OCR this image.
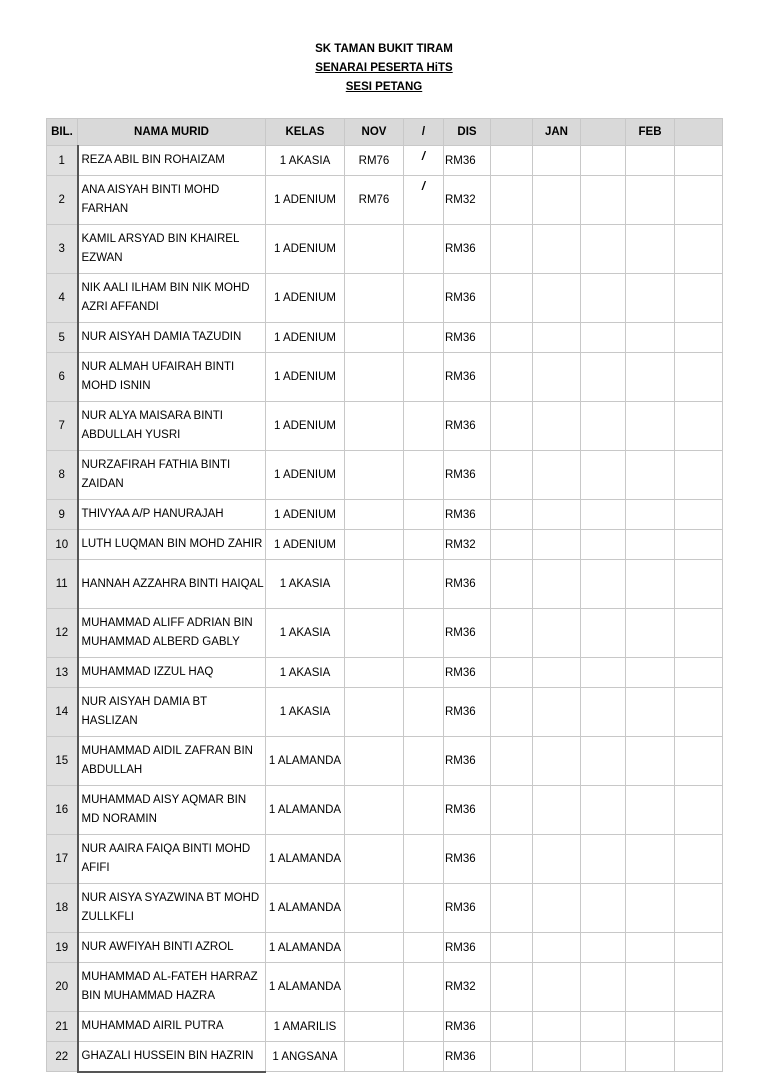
SK TAMAN BUKIT TIRAM
SENARAI PESERTA HiTS
SESI PETANG
BIL.	NAMA MURID	KELAS	NOV	/	DIS		JAN		FEB	
1	REZA ABIL BIN ROHAIZAM	1 AKASIA	RM76	/	RM36					
2	ANA AISYAH BINTI MOHD FARHAN	1 ADENIUM	RM76	/	RM32					
3	KAMIL ARSYAD BIN KHAIREL EZWAN	1 ADENIUM			RM36					
4	NIK AALI ILHAM BIN NIK MOHD AZRI AFFANDI	1 ADENIUM			RM36					
5	NUR AISYAH DAMIA TAZUDIN	1 ADENIUM			RM36					
6	NUR ALMAH UFAIRAH BINTI MOHD ISNIN	1 ADENIUM			RM36					
7	NUR ALYA MAISARA BINTI ABDULLAH YUSRI	1 ADENIUM			RM36					
8	NURZAFIRAH FATHIA BINTI ZAIDAN	1 ADENIUM			RM36					
9	THIVYAA A/P HANURAJAH	1 ADENIUM			RM36					
10	LUTH LUQMAN BIN MOHD ZAHIR	1 ADENIUM			RM32					
11	HANNAH AZZAHRA BINTI HAIQAL	1 AKASIA			RM36					
12	MUHAMMAD ALIFF ADRIAN BIN MUHAMMAD ALBERD GABLY	1 AKASIA			RM36					
13	MUHAMMAD IZZUL HAQ	1 AKASIA			RM36					
14	NUR AISYAH DAMIA BT HASLIZAN	1 AKASIA			RM36					
15	MUHAMMAD AIDIL ZAFRAN BIN ABDULLAH	1 ALAMANDA			RM36					
16	MUHAMMAD AISY AQMAR BIN MD NORAMIN	1 ALAMANDA			RM36					
17	NUR AAIRA FAIQA BINTI MOHD AFIFI	1 ALAMANDA			RM36					
18	NUR AISYA SYAZWINA BT MOHD ZULLKFLI	1 ALAMANDA			RM36					
19	NUR AWFIYAH BINTI AZROL	1 ALAMANDA			RM36					
20	MUHAMMAD AL-FATEH HARRAZ BIN MUHAMMAD HAZRA	1 ALAMANDA			RM32					
21	MUHAMMAD AIRIL PUTRA	1 AMARILIS			RM36					
22	GHAZALI HUSSEIN BIN HAZRIN	1 ANGSANA			RM36					
